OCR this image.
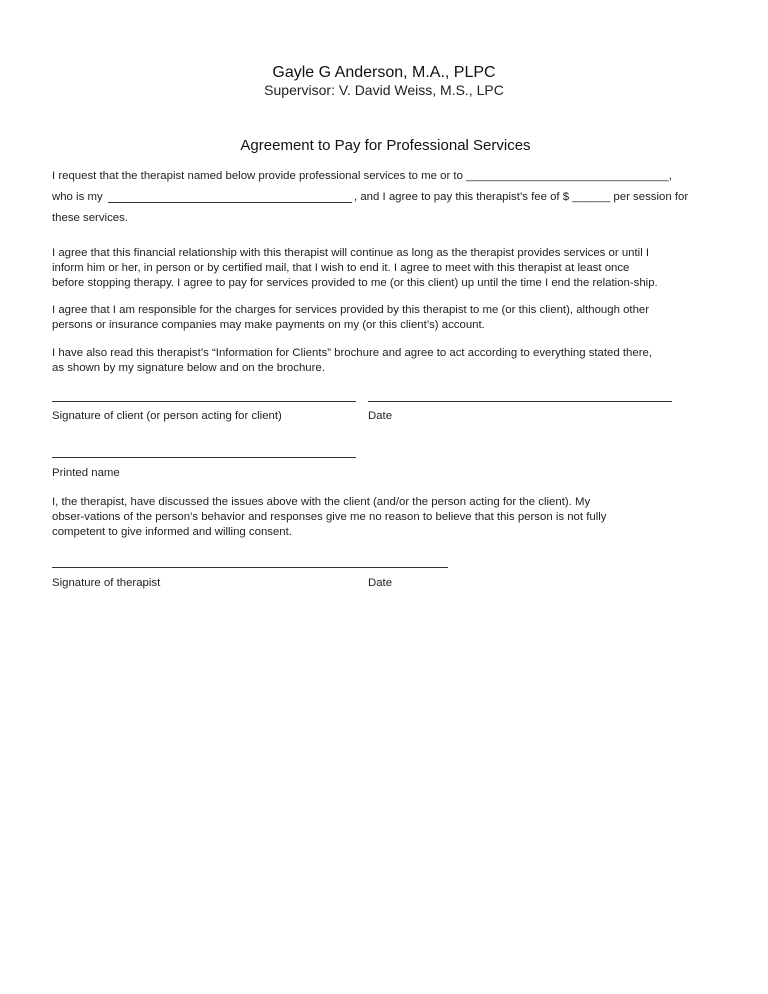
Gayle G Anderson, M.A., PLPC
Supervisor: V. David Weiss, M.S., LPC
Agreement to Pay for Professional Services
I request that the therapist named below provide professional services to me or to ________________________________,
who is my	, and I agree to pay this therapist’s fee of $ ______ per session for
these services.
I agree that this financial relationship with this therapist will continue as long as the therapist provides services or until I
inform him or her, in person or by certified mail, that I wish to end it. I agree to meet with this therapist at least once
before stopping therapy. I agree to pay for services provided to me (or this client) up until the time I end the relation-ship.
I agree that I am responsible for the charges for services provided by this therapist to me (or this client), although other
persons or insurance companies may make payments on my (or this client’s) account.
I have also read this therapist’s “Information for Clients” brochure and agree to act according to everything stated there,
as shown by my signature below and on the brochure.
Signature of client (or person acting for client)	Date
Printed name
I, the therapist, have discussed the issues above with the client (and/or the person acting for the client). My
obser-vations of the person’s behavior and responses give me no reason to believe that this person is not fully
competent to give informed and willing consent.
Signature of therapist	Date
